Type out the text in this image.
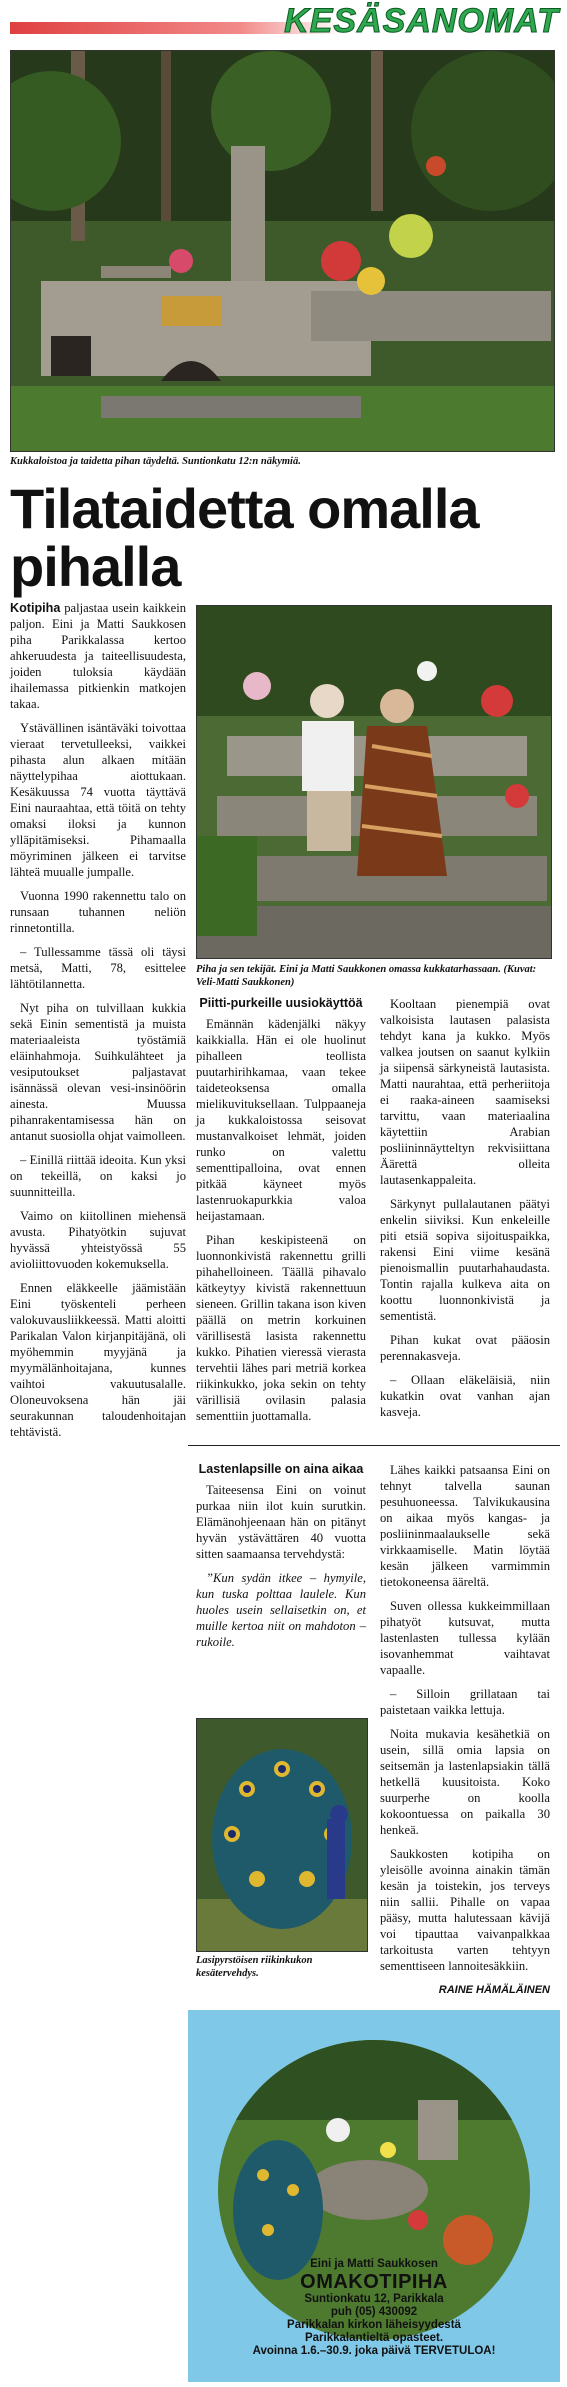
KESÄSANOMAT
Kukkaloistoa ja taidetta pihan täydeltä. Suntionkatu 12:n näkymiä.
Tilataidetta omalla pihalla

Kotipiha paljastaa usein kaikkein paljon. Eini ja Matti Saukkosen piha Parikkalassa kertoo ahkeruudesta ja taiteellisuudesta, joiden tuloksia käydään ihailemassa pitkienkin matkojen takaa.

Ystävällinen isäntäväki toivottaa vieraat tervetulleeksi, vaikkei pihasta alun alkaen mitään näyttelypihaa aiottukaan. Kesäkuussa 74 vuotta täyttävä Eini nauraahtaa, että töitä on tehty omaksi iloksi ja kunnon ylläpitämiseksi. Pihamaalla möyriminen jälkeen ei tarvitse lähteä muualle jumpalle.

Vuonna 1990 rakennettu talo on runsaan tuhannen neliön rinnetontilla.

– Tullessamme tässä oli täysi metsä, Matti, 78, esittelee lähtötilannetta.

Nyt piha on tulvillaan kukkia sekä Einin sementistä ja muista materiaaleista työstämiä eläinhahmoja. Suihkulähteet ja vesiputoukset paljastavat isännässä olevan vesi-insinöörin ainesta. Muussa pihanrakentamisessa hän on antanut suosiolla ohjat vaimolleen.

– Einillä riittää ideoita. Kun yksi on tekeillä, on kaksi jo suunnitteilla.

Vaimo on kiitollinen miehensä avusta. Pihatyötkin sujuvat hyvässä yhteistyössä 55 avioliittovuoden kokemuksella.

Ennen eläkkeelle jäämistään Eini työskenteli perheen valokuvausliikkeessä. Matti aloitti Parikalan Valon kirjanpitäjänä, oli myöhemmin myyjänä ja myymälänhoitajana, kunnes vaihtoi vakuutusalalle. Oloneuvoksena hän jäi seurakunnan taloudenhoitajan tehtävistä.

Piha ja sen tekijät. Eini ja Matti Saukkonen omassa kukkatarhassaan. (Kuvat: Veli-Matti Saukkonen)
Piitti-purkeille uusiokäyttöä

Emännän kädenjälki näkyy kaikkialla. Hän ei ole huolinut pihalleen teollista puutarhirihkamaa, vaan tekee taideteoksensa omalla mielikuvituksellaan. Tulppaaneja ja kukkaloistossa seisovat mustanvalkoiset lehmät, joiden runko on valettu sementtipalloina, ovat ennen pitkää käyneet myös lastenruokapurkkia valoa heijastamaan.

Pihan keskipisteenä on luonnonkivistä rakennettu grilli pihahelloineen. Täällä pihavalo kätkeytyy kivistä rakennettuun sieneen. Grillin takana ison kiven päällä on metrin korkuinen värillisestä lasista rakennettu kukko. Pihatien vieressä vierasta tervehtii lähes pari metriä korkea riikinkukko, joka sekin on tehty värillisiä ovilasin palasia sementtiin juottamalla.

Kooltaan pienempiä ovat valkoisista lautasen palasista tehdyt kana ja kukko. Myös valkea joutsen on saanut kylkiin ja siipensä särkyneistä lautasista. Matti naurahtaa, että perheriitoja ei raaka-aineen saamiseksi tarvittu, vaan materiaalina käytettiin Arabian posliininnäytteltyn rekvisiittana Äärettä olleita lautasenkappaleita.

Särkynyt pullalautanen päätyi enkelin siiviksi. Kun enkeleille piti etsiä sopiva sijoituspaikka, rakensi Eini viime kesänä pienoismallin puutarhahaudasta. Tontin rajalla kulkeva aita on koottu luonnonkivistä ja sementistä.

Pihan kukat ovat pääosin perennakasveja.

– Ollaan eläkeläisiä, niin kukatkin ovat vanhan ajan kasveja.

Lastenlapsille on aina aikaa

Taiteesensa Eini on voinut purkaa niin ilot kuin surutkin. Elämänohjeenaan hän on pitänyt hyvän ystävättären 40 vuotta sitten saamaansa tervehdystä:

”Kun sydän itkee – hymyile, kun tuska polttaa laulele. Kun huoles usein sellaisetkin on, et muille kertoa niit on mahdoton – rukoile.

Lasipyrstöisen riikinkukon kesätervehdys.

Lähes kaikki patsaansa Eini on tehnyt talvella saunan pesuhuoneessa. Talvikukausina on aikaa myös kangas- ja posliininmaalaukselle sekä virkkaamiselle. Matin löytää kesän jälkeen varmimmin tietokoneensa ääreltä.

Suven ollessa kukkeimmillaan pihatyöt kutsuvat, mutta lastenlasten tullessa kylään isovanhemmat vaihtavat vapaalle.

– Silloin grillataan tai paistetaan vaikka lettuja.

Noita mukavia kesähetkiä on usein, sillä omia lapsia on seitsemän ja lastenlapsiakin tällä hetkellä kuusitoista. Koko suurperhe on koolla kokoontuessa on paikalla 30 henkeä.

Saukkosten kotipiha on yleisölle avoinna ainakin tämän kesän ja toistekin, jos terveys niin sallii. Pihalle on vapaa pääsy, mutta halutessaan kävijä voi tipauttaa vaivanpalkkaa tarkoitusta varten tehtyyn sementtiseen lannoitesäkkiin.

RAINE HÄMÄLÄINEN
Eini ja Matti Saukkosen
OMAKOTIPIHA
Suntionkatu 12, Parikkala
puh (05) 430092
Parikkalan kirkon läheisyydestä
Parikkalantieltä opasteet.
Avoinna 1.6.–30.9. joka päivä TERVETULOA!
